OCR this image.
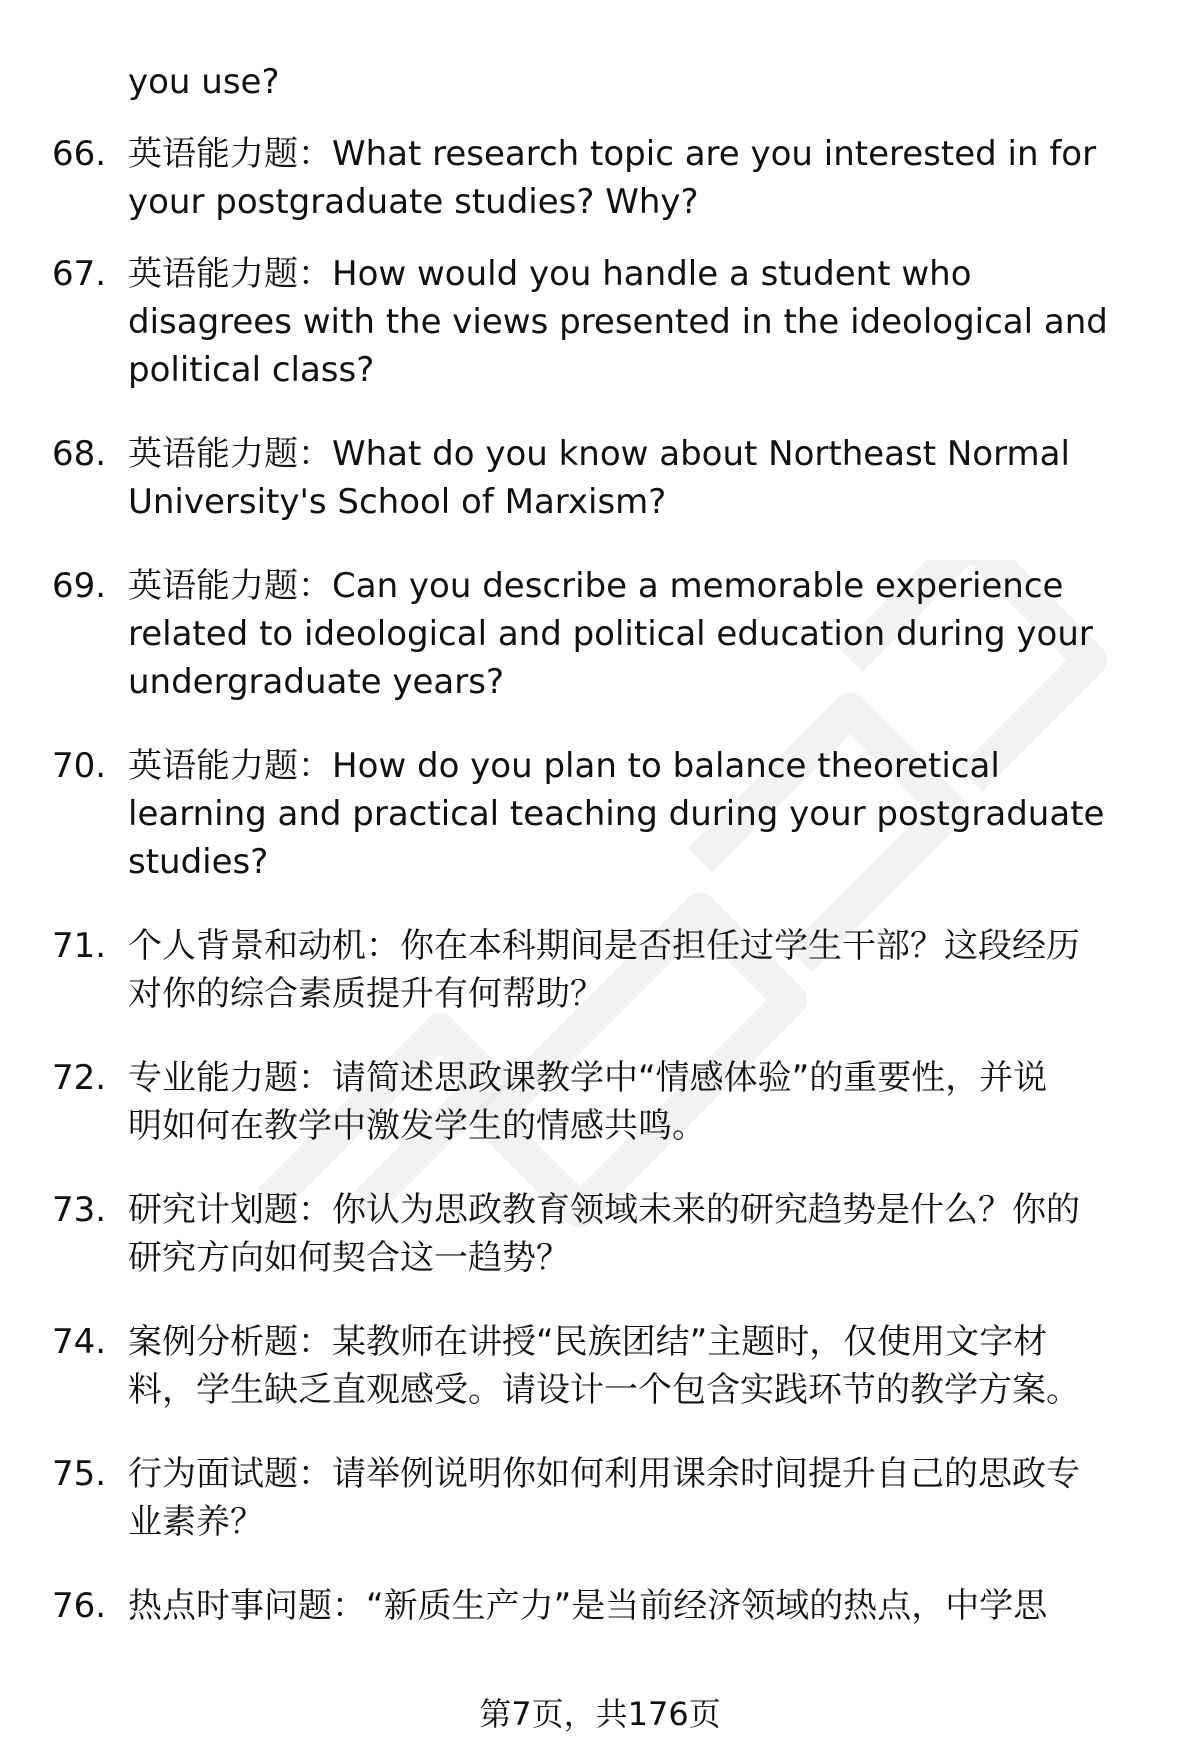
you use?
66. 英语能力题：What research topic are you interested in for
your postgraduate studies? Why?
67. 英语能力题：How would you handle a student who
disagrees with the views presented in the ideological and
political class?
68. 英语能力题：What do you know about Northeast Normal
University's School of Marxism?
69. 英语能力题：Can you describe a memorable experience
related to ideological and political education during your
undergraduate years?
70. 英语能力题：How do you plan to balance theoretical
learning and practical teaching during your postgraduate
studies?
71. 个人背景和动机：你在本科期间是否担任过学生干部？这段经历
对你的综合素质提升有何帮助？
72. 专业能力题：请简述思政课教学中“情感体验”的重要性，并说
明如何在教学中激发学生的情感共鸣。
73. 研究计划题：你认为思政教育领域未来的研究趋势是什么？你的
研究方向如何契合这一趋势？
74. 案例分析题：某教师在讲授“民族团结”主题时，仅使用文字材
料，学生缺乏直观感受。请设计一个包含实践环节的教学方案。
75. 行为面试题：请举例说明你如何利用课余时间提升自己的思政专
业素养？
76. 热点时事问题：“新质生产力”是当前经济领域的热点，中学思
第7页，共176页
